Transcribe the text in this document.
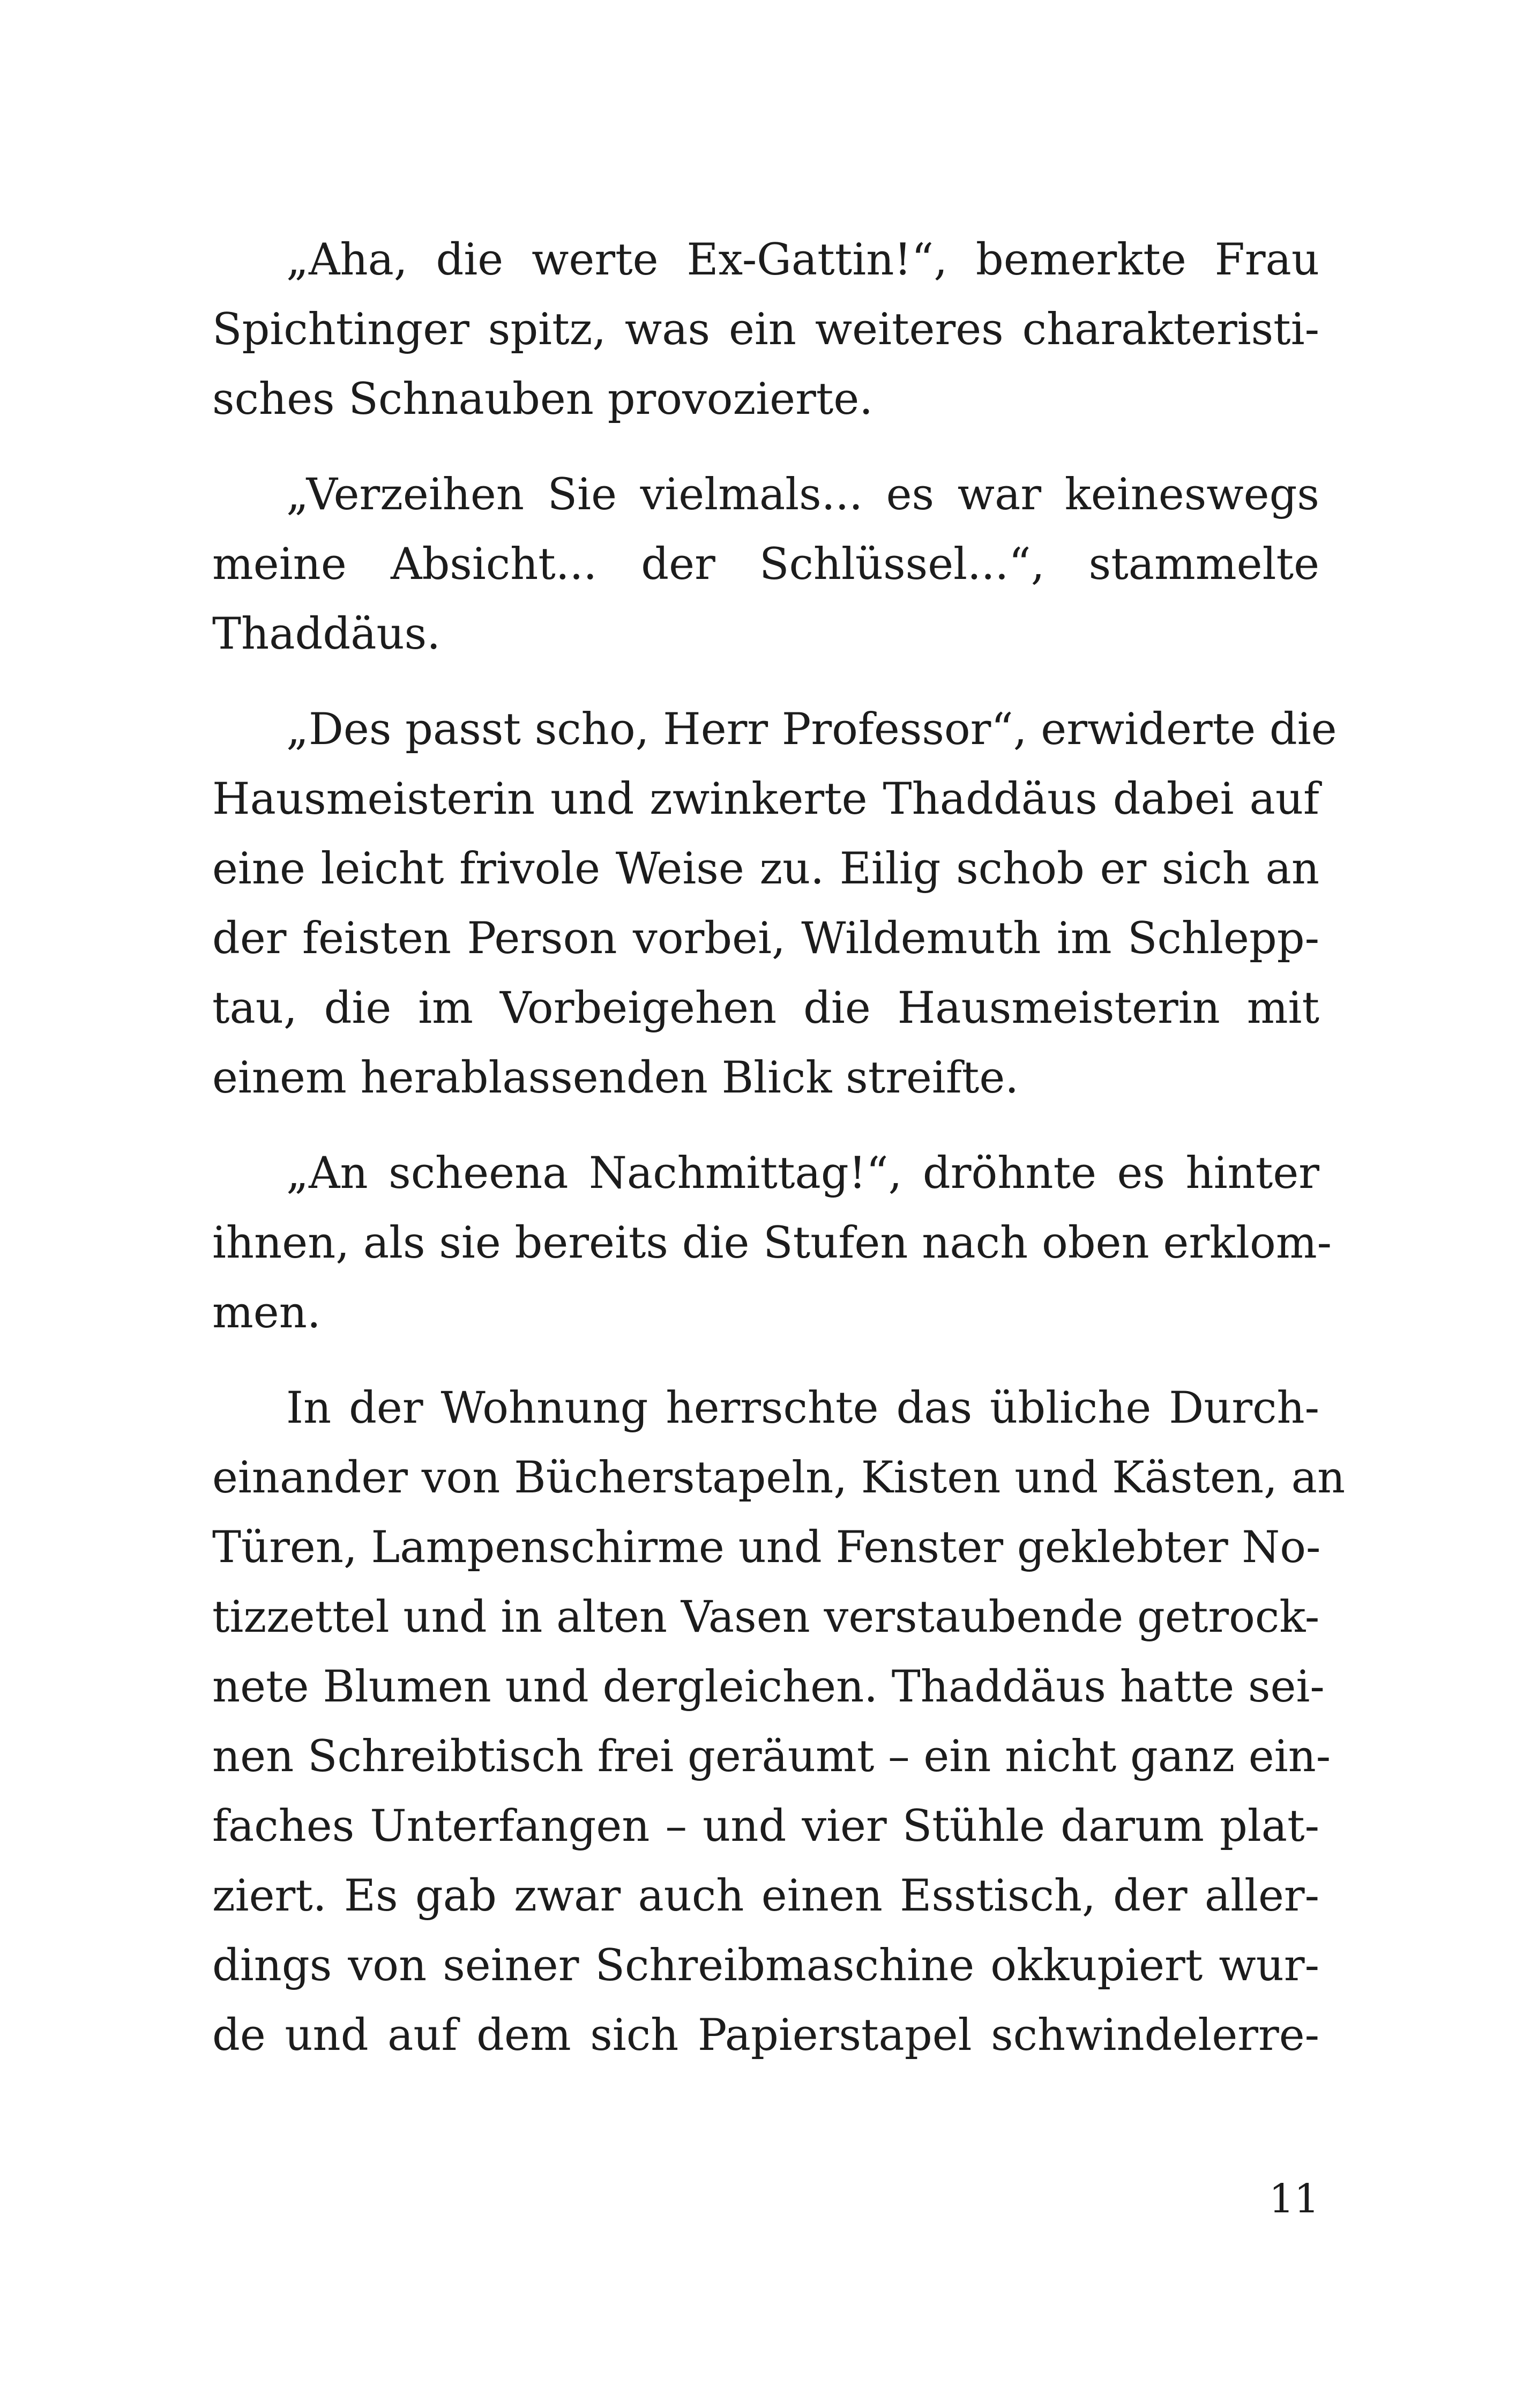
„Aha, die werte Ex-Gattin!“, bemerkte Frau
Spichtinger spitz, was ein weiteres charakteristi-
sches Schnauben provozierte.

„Verzeihen Sie vielmals... es war keineswegs
meine Absicht... der Schlüssel...“, stammelte
Thaddäus.

„Des passt scho, Herr Professor“, erwiderte die
Hausmeisterin und zwinkerte Thaddäus dabei auf
eine leicht frivole Weise zu. Eilig schob er sich an
der feisten Person vorbei, Wildemuth im Schlepp-
tau, die im Vorbeigehen die Hausmeisterin mit
einem herablassenden Blick streifte.

„An scheena Nachmittag!“, dröhnte es hinter
ihnen, als sie bereits die Stufen nach oben erklom-
men.

In der Wohnung herrschte das übliche Durch-
einander von Bücherstapeln, Kisten und Kästen, an
Türen, Lampenschirme und Fenster geklebter No-
tizzettel und in alten Vasen verstaubende getrock-
nete Blumen und dergleichen. Thaddäus hatte sei-
nen Schreibtisch frei geräumt – ein nicht ganz ein-
faches Unterfangen – und vier Stühle darum plat-
ziert. Es gab zwar auch einen Esstisch, der aller-
dings von seiner Schreibmaschine okkupiert wur-
de und auf dem sich Papierstapel schwindelerre-

11
